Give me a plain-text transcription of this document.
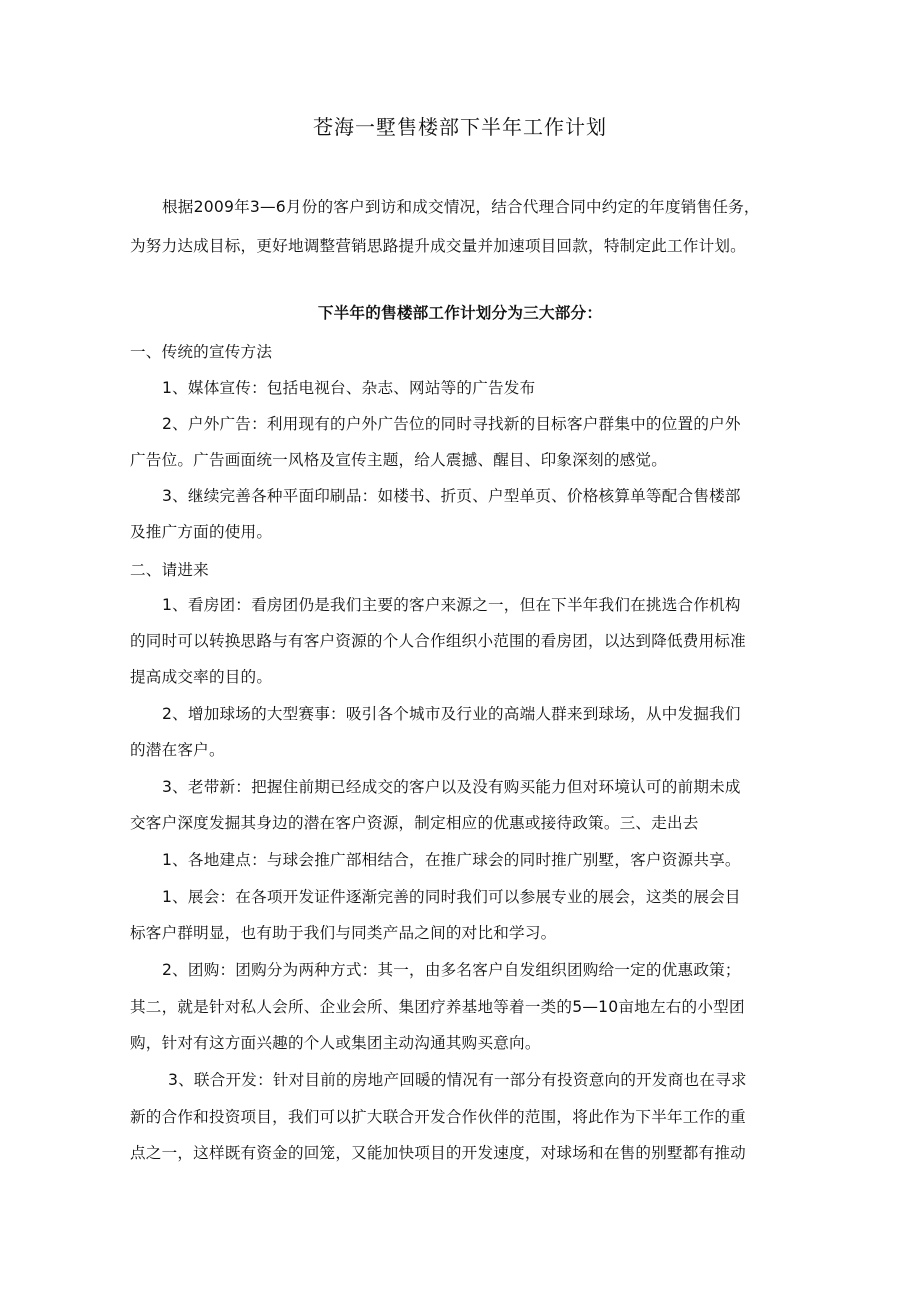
苍海一墅售楼部下半年工作计划
根据2009年3—6月份的客户到访和成交情况，结合代理合同中约定的年度销售任务，
为努力达成目标，更好地调整营销思路提升成交量并加速项目回款，特制定此工作计划。
下半年的售楼部工作计划分为三大部分：
一、传统的宣传方法
1、媒体宣传：包括电视台、杂志、网站等的广告发布
2、户外广告：利用现有的户外广告位的同时寻找新的目标客户群集中的位置的户外
广告位。广告画面统一风格及宣传主题，给人震撼、醒目、印象深刻的感觉。
3、继续完善各种平面印刷品：如楼书、折页、户型单页、价格核算单等配合售楼部
及推广方面的使用。
二、请进来
1、看房团：看房团仍是我们主要的客户来源之一，但在下半年我们在挑选合作机构
的同时可以转换思路与有客户资源的个人合作组织小范围的看房团，以达到降低费用标准
提高成交率的目的。
2、增加球场的大型赛事：吸引各个城市及行业的高端人群来到球场，从中发掘我们
的潜在客户。
3、老带新：把握住前期已经成交的客户以及没有购买能力但对环境认可的前期未成
交客户深度发掘其身边的潜在客户资源，制定相应的优惠或接待政策。三、走出去
1、各地建点：与球会推广部相结合，在推广球会的同时推广别墅，客户资源共享。
1、展会：在各项开发证件逐渐完善的同时我们可以参展专业的展会，这类的展会目
标客户群明显，也有助于我们与同类产品之间的对比和学习。
2、团购：团购分为两种方式：其一，由多名客户自发组织团购给一定的优惠政策；
其二，就是针对私人会所、企业会所、集团疗养基地等着一类的5—10亩地左右的小型团
购，针对有这方面兴趣的个人或集团主动沟通其购买意向。
3、联合开发：针对目前的房地产回暖的情况有一部分有投资意向的开发商也在寻求
新的合作和投资项目，我们可以扩大联合开发合作伙伴的范围，将此作为下半年工作的重
点之一，这样既有资金的回笼，又能加快项目的开发速度，对球场和在售的别墅都有推动
